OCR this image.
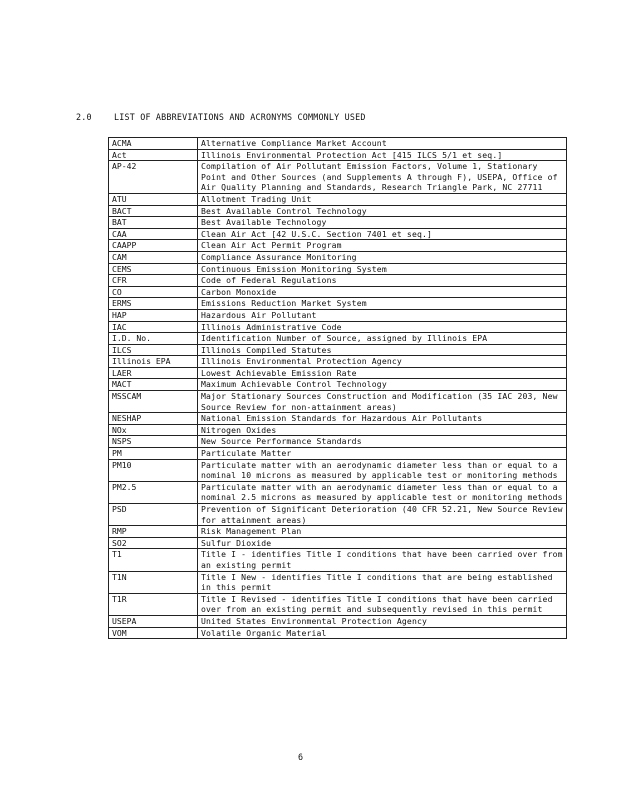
2.0	LIST OF ABBREVIATIONS AND ACRONYMS COMMONLY USED
ACMA	Alternative Compliance Market Account
Act	Illinois Environmental Protection Act [415 ILCS 5/1 et seq.]
AP-42	Compilation of Air Pollutant Emission Factors, Volume 1, Stationary Point and Other Sources (and Supplements A through F), USEPA, Office of Air Quality Planning and Standards, Research Triangle Park, NC 27711
ATU	Allotment Trading Unit
BACT	Best Available Control Technology
BAT	Best Available Technology
CAA	Clean Air Act [42 U.S.C. Section 7401 et seq.]
CAAPP	Clean Air Act Permit Program
CAM	Compliance Assurance Monitoring
CEMS	Continuous Emission Monitoring System
CFR	Code of Federal Regulations
CO	Carbon Monoxide
ERMS	Emissions Reduction Market System
HAP	Hazardous Air Pollutant
IAC	Illinois Administrative Code
I.D. No.	Identification Number of Source, assigned by Illinois EPA
ILCS	Illinois Compiled Statutes
Illinois EPA	Illinois Environmental Protection Agency
LAER	Lowest Achievable Emission Rate
MACT	Maximum Achievable Control Technology
MSSCAM	Major Stationary Sources Construction and Modification (35 IAC 203, New Source Review for non-attainment areas)
NESHAP	National Emission Standards for Hazardous Air Pollutants
NOx	Nitrogen Oxides
NSPS	New Source Performance Standards
PM	Particulate Matter
PM10	Particulate matter with an aerodynamic diameter less than or equal to a nominal 10 microns as measured by applicable test or monitoring methods
PM2.5	Particulate matter with an aerodynamic diameter less than or equal to a nominal 2.5 microns as measured by applicable test or monitoring methods
PSD	Prevention of Significant Deterioration (40 CFR 52.21, New Source Review for attainment areas)
RMP	Risk Management Plan
SO2	Sulfur Dioxide
T1	Title I - identifies Title I conditions that have been carried over from an existing permit
T1N	Title I New - identifies Title I conditions that are being established in this permit
T1R	Title I Revised - identifies Title I conditions that have been carried over from an existing permit and subsequently revised in this permit
USEPA	United States Environmental Protection Agency
VOM	Volatile Organic Material
6
